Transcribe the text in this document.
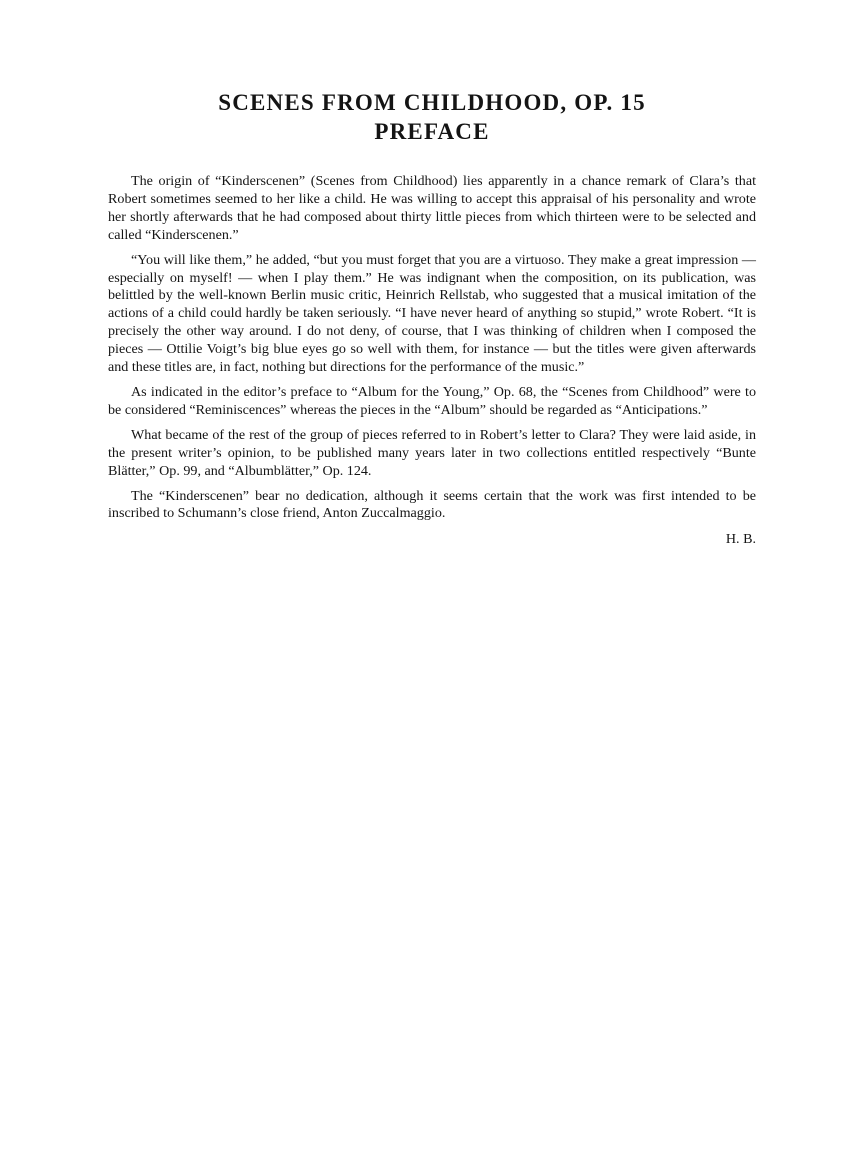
SCENES FROM CHILDHOOD, OP. 15
PREFACE

The origin of “Kinderscenen” (Scenes from Childhood) lies apparently in a chance remark of Clara’s that Robert sometimes seemed to her like a child. He was willing to accept this appraisal of his personality and wrote her shortly afterwards that he had composed about thirty little pieces from which thirteen were to be selected and called “Kinderscenen.”

“You will like them,” he added, “but you must forget that you are a virtuoso. They make a great impression — especially on myself! — when I play them.” He was indignant when the composition, on its publication, was belittled by the well-known Berlin music critic, Heinrich Rellstab, who suggested that a musical imitation of the actions of a child could hardly be taken seriously. “I have never heard of anything so stupid,” wrote Robert. “It is precisely the other way around. I do not deny, of course, that I was thinking of children when I composed the pieces — Ottilie Voigt’s big blue eyes go so well with them, for instance — but the titles were given afterwards and these titles are, in fact, nothing but directions for the performance of the music.”

As indicated in the editor’s preface to “Album for the Young,” Op. 68, the “Scenes from Childhood” were to be considered “Reminiscences” whereas the pieces in the “Album” should be regarded as “Anticipations.”

What became of the rest of the group of pieces referred to in Robert’s letter to Clara? They were laid aside, in the present writer’s opinion, to be published many years later in two collections entitled respectively “Bunte Blätter,” Op. 99, and “Albumblätter,” Op. 124.

The “Kinderscenen” bear no dedication, although it seems certain that the work was first intended to be inscribed to Schumann’s close friend, Anton Zuccalmaggio.

H. B.
